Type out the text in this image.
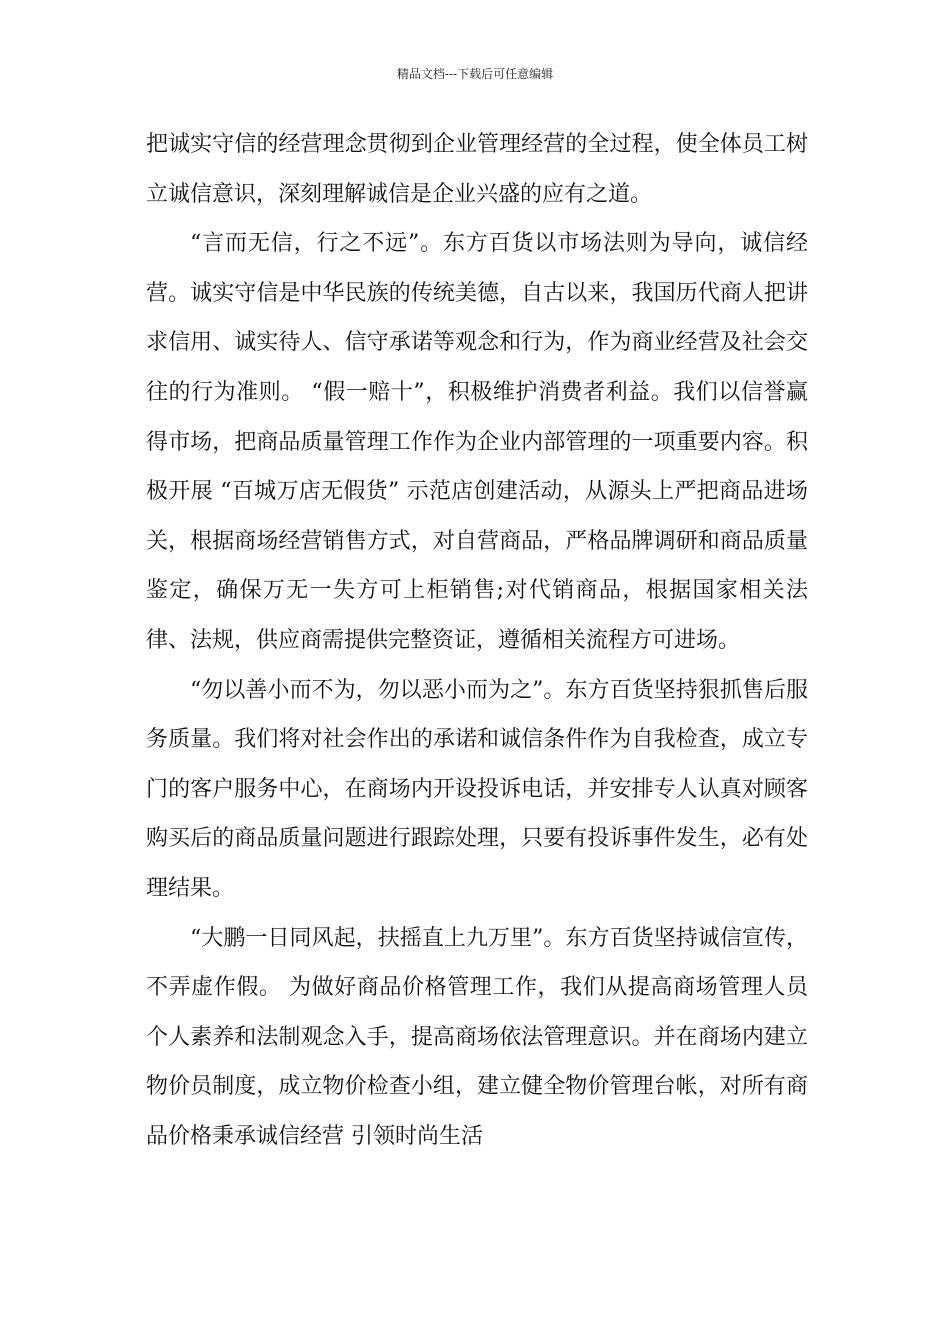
精品文档---下载后可任意编辑

把诚实守信的经营理念贯彻到企业管理经营的全过程，使全体员工树立诚信意识，深刻理解诚信是企业兴盛的应有之道。

“言而无信，行之不远”。东方百货以市场法则为导向，诚信经营。诚实守信是中华民族的传统美德，自古以来，我国历代商人把讲求信用、诚实待人、信守承诺等观念和行为，作为商业经营及社会交往的行为准则。 “假一赔十”，积极维护消费者利益。我们以信誉赢得市场，把商品质量管理工作作为企业内部管理的一项重要内容。积极开展 “百城万店无假货” 示范店创建活动，从源头上严把商品进场关，根据商场经营销售方式，对自营商品，严格品牌调研和商品质量鉴定，确保万无一失方可上柜销售;对代销商品，根据国家相关法律、法规，供应商需提供完整资证，遵循相关流程方可进场。

“勿以善小而不为，勿以恶小而为之”。东方百货坚持狠抓售后服务质量。我们将对社会作出的承诺和诚信条件作为自我检查，成立专门的客户服务中心，在商场内开设投诉电话，并安排专人认真对顾客购买后的商品质量问题进行跟踪处理，只要有投诉事件发生，必有处理结果。

“大鹏一日同风起，扶摇直上九万里”。东方百货坚持诚信宣传，不弄虚作假。 为做好商品价格管理工作，我们从提高商场管理人员个人素养和法制观念入手，提高商场依法管理意识。并在商场内建立物价员制度，成立物价检查小组，建立健全物价管理台帐，对所有商品价格秉承诚信经营 引领时尚生活
